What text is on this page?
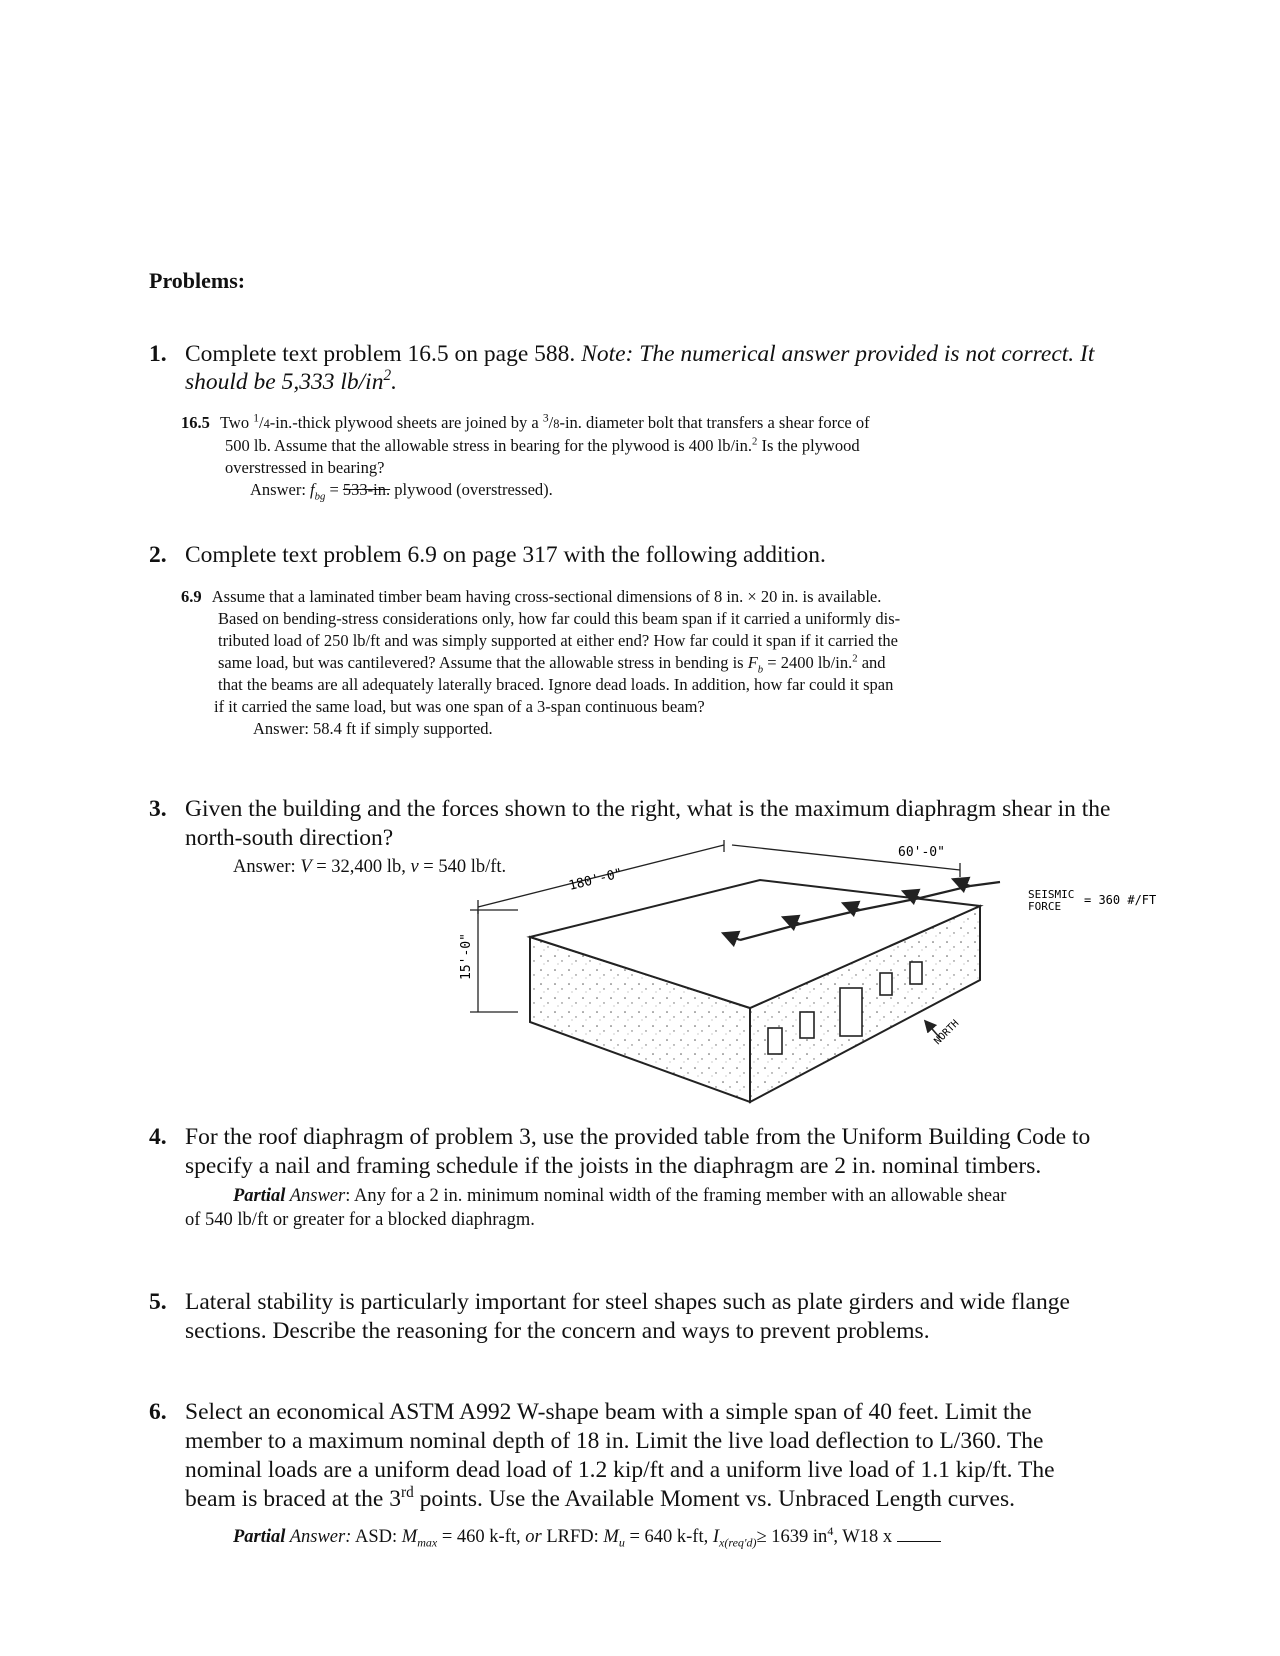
Problems:
1. Complete text problem 16.5 on page 588. Note: The numerical answer provided is not correct. It
should be 5,333 $lb/in^2$.
16.5 Two $^1$/4-in.-thick plywood sheets are joined by a $^3$/8-in. diameter bolt that transfers a shear force of
500 lb. Assume that the allowable stress in bearing for the plywood is 400 lb/in.$^2$ Is the plywood
overstressed in bearing?
Answer: $f_{bg} = 533-in$. plywood (overstressed).
2. Complete text problem 6.9 on page 317 with the following addition.
6.9 Assume that a laminated timber beam having cross-sectional dimensions of 8 in. × 20 in. is available.
Based on bending-stress considerations only, how far could this beam span if it carried a uniformly dis-
tributed load of 250 lb/ft and was simply supported at either end? How far could it span if it carried the
same load, but was cantilevered? Assume that the allowable stress in bending is $F_b = 2400$ lb/in.$^2$ and
that the beams are all adequately laterally braced. Ignore dead loads. In addition, how far could it span
if it carried the same load, but was one span of a 3-span continuous beam?
Answer: 58.4 ft if simply supported.
3. Given the building and the forces shown to the right, what is the maximum diaphragm shear in the
north-south direction?
Answer: V = 32,400 lb, v = 540 lb/ft.	180'-0"
60'-0"
15'-0"
SEISMIC
FORCE = 360 #/FT
NORTH
4. For the roof diaphragm of problem 3, use the provided table from the Uniform Building Code to
specify a nail and framing schedule if the joists in the diaphragm are 2 in. nominal timbers.
Partial Answer: Any for a 2 in. minimum nominal width of the framing member with an allowable shear
of 540 lb/ft or greater for a blocked diaphragm.
5. Lateral stability is particularly important for steel shapes such as plate girders and wide flange
sections. Describe the reasoning for the concern and ways to prevent problems.
6. Select an economical ASTM A992 W-shape beam with a simple span of 40 feet. Limit the
member to a maximum nominal depth of 18 in. Limit the live load deflection to L/360. The
nominal loads are a uniform dead load of 1.2 kip/ft and a uniform live load of 1.1 kip/ft. The
beam is braced at the 3rd points. Use the Available Moment vs. Unbraced Length curves.
Partial Answer: ASD: $M_{max} = 460$ k-ft, or LRFD: $M_u = 640$ k-ft, $I_{x(req'd)}\ge 1639$ $in^4$, W18 x
